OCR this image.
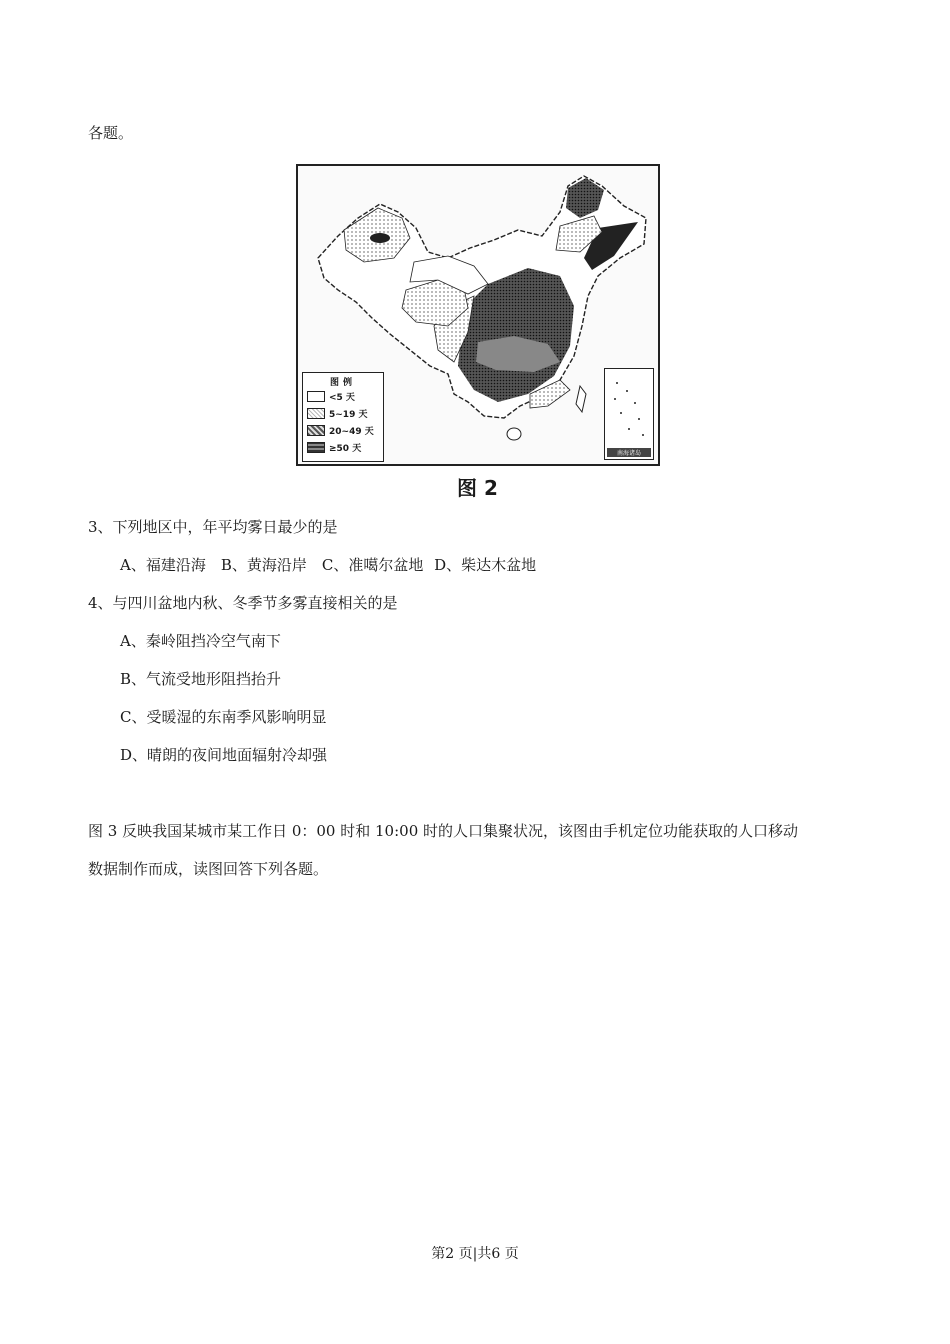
各题。
图例
<5 天
5~19 天
20~49 天
≥50 天	南海诸岛
图 2
3、下列地区中，年平均雾日最少的是
A、福建沿海　B、黄海沿岸　C、准噶尔盆地 D、柴达木盆地
4、与四川盆地内秋、冬季节多雾直接相关的是
A、秦岭阻挡冷空气南下
B、气流受地形阻挡抬升
C、受暖湿的东南季风影响明显
D、晴朗的夜间地面辐射冷却强
图 3 反映我国某城市某工作日 0：00 时和 10:00 时的人口集聚状况，该图由手机定位功能获取的人口移动
数据制作而成，读图回答下列各题。
第2 页|共6 页
